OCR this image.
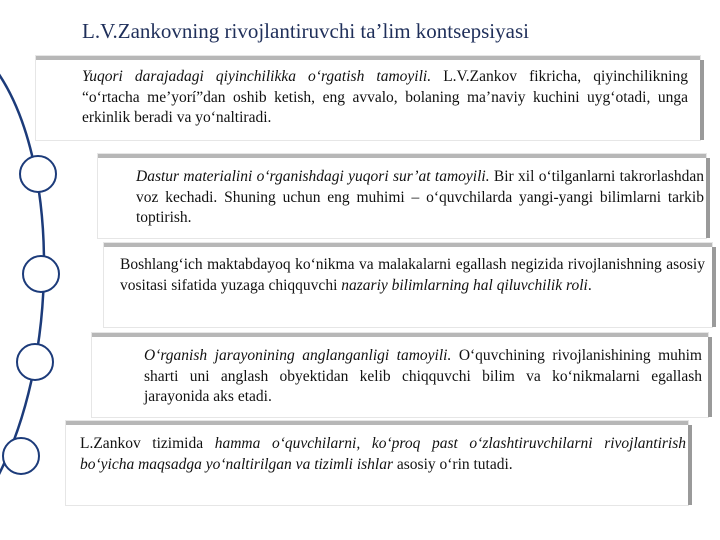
L.V.Zankovning rivojlantiruvchi ta’lim kontsepsiyasi
Yuqori darajadagi qiyinchilikka o‘rgatish tamoyili. L.V.Zankov fikricha, qiyinchilikning “o‘rtacha me’yorí”dan oshib ketish, eng avvalo, bolaning ma’naviy kuchini uyg‘otadi, unga erkinlik beradi va yo‘naltiradi.
Dastur materialini o‘rganishdagi yuqori sur’at tamoyili. Bir xil o‘tilganlarni takrorlashdan voz kechadi. Shuning uchun eng muhimi – o‘quvchilarda yangi-yangi bilimlarni tarkib toptirish.
Boshlang‘ich maktabdayoq ko‘nikma va malakalarni egallash negizida rivojlanishning asosiy vositasi sifatida yuzaga chiqquvchi nazariy bilimlarning hal qiluvchilik roli.
O‘rganish jarayonining anglanganligi tamoyili. O‘quvchining rivojlanishining muhim sharti uni anglash obyektidan kelib chiqquvchi bilim va ko‘nikmalarni egallash jarayonida aks etadi.
L.Zankov tizimida hamma o‘quvchilarni, ko‘proq past o‘zlashtiruvchilarni rivojlantirish bo‘yicha maqsadga yo‘naltirilgan va tizimli ishlar asosiy o‘rin tutadi.
